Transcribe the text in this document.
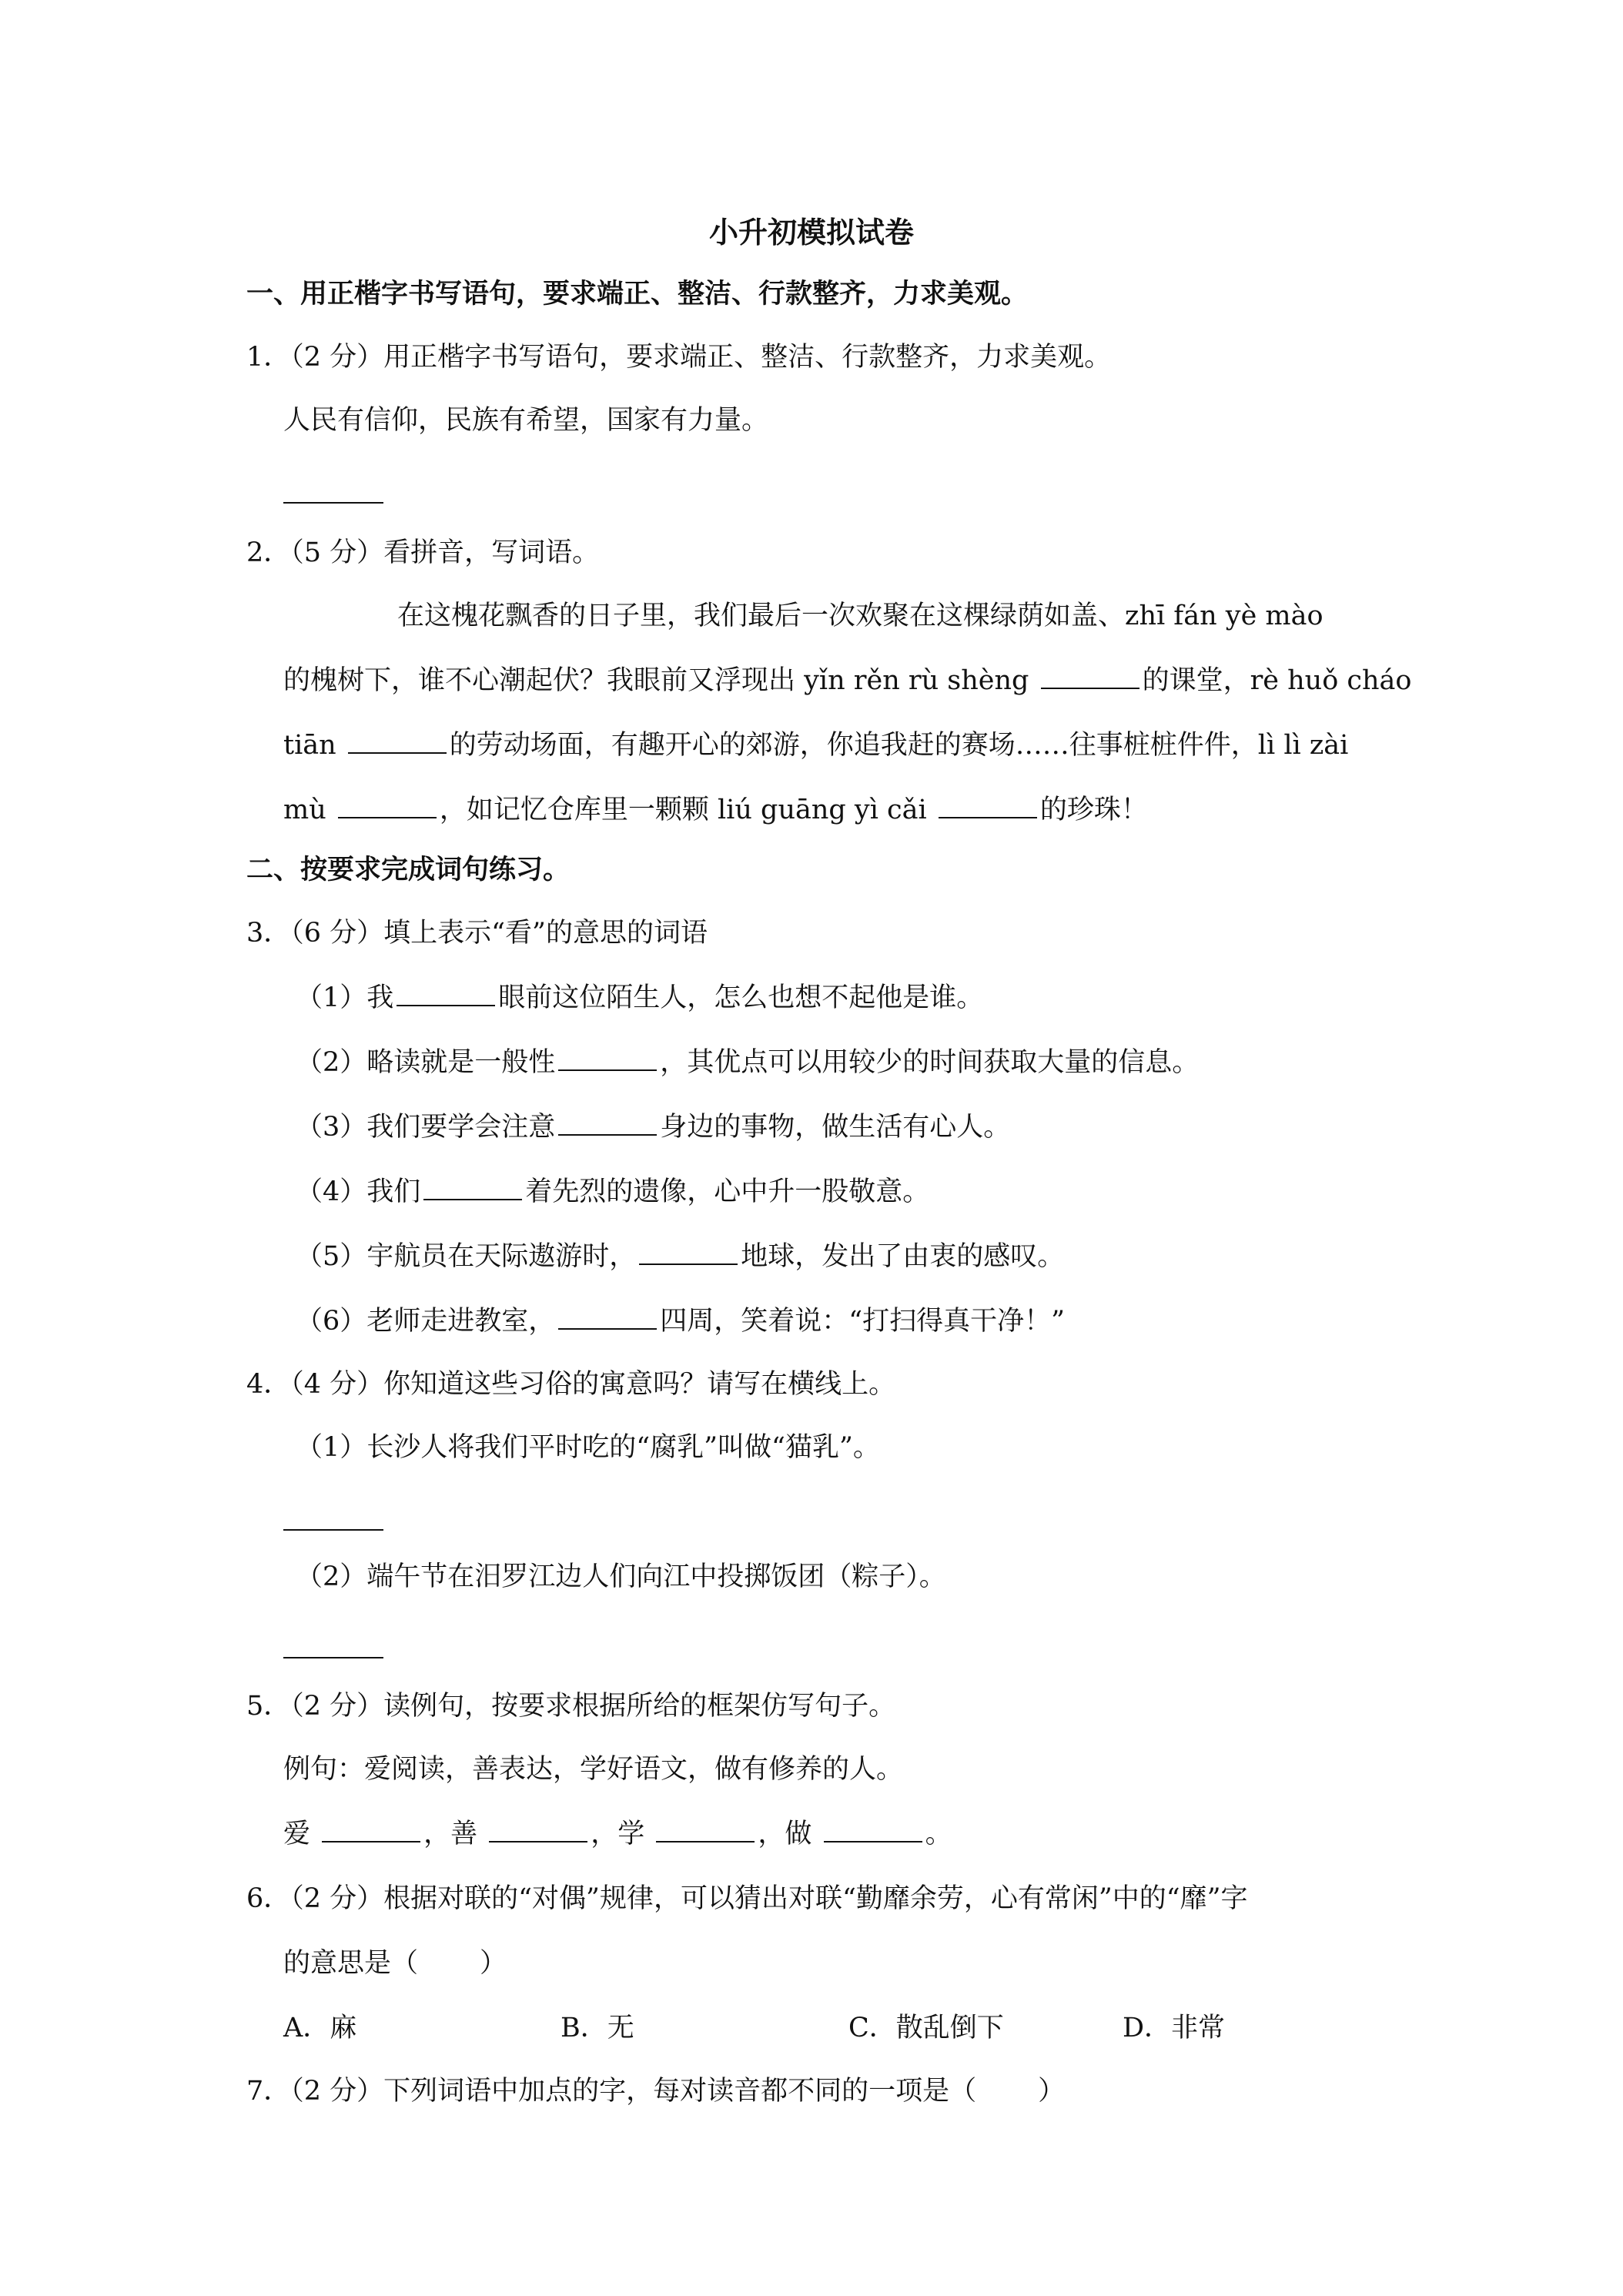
小升初模拟试卷
一、用正楷字书写语句，要求端正、整洁、行款整齐，力求美观。
1．（2 分）用正楷字书写语句，要求端正、整洁、行款整齐，力求美观。
人民有信仰，民族有希望，国家有力量。
2．（5 分）看拼音，写词语。
在这槐花飘香的日子里，我们最后一次欢聚在这棵绿荫如盖、zhī fán yè mào
的槐树下，谁不心潮起伏？我眼前又浮现出 yǐn rěn rù shèng	的课堂，rè huǒ cháo
tiān	的劳动场面，有趣开心的郊游，你追我赶的赛场……往事桩桩件件，lì lì zài
mù	，如记忆仓库里一颗颗 liú guāng yì cǎi	的珍珠！
二、按要求完成词句练习。
3．（6 分）填上表示“看”的意思的词语
（1）我	眼前这位陌生人，怎么也想不起他是谁。
（2）略读就是一般性	，其优点可以用较少的时间获取大量的信息。
（3）我们要学会注意	身边的事物，做生活有心人。
（4）我们	着先烈的遗像，心中升一股敬意。
（5）宇航员在天际遨游时，	地球，发出了由衷的感叹。
（6）老师走进教室，	四周，笑着说：“打扫得真干净！”
4．（4 分）你知道这些习俗的寓意吗？请写在横线上。
（1）长沙人将我们平时吃的“腐乳”叫做“猫乳”。
（2）端午节在汨罗江边人们向江中投掷饭团（粽子）。
5．（2 分）读例句，按要求根据所给的框架仿写句子。
例句：爱阅读，善表达，学好语文，做有修养的人。
爱	，善	，学	，做	。
6．（2 分）根据对联的“对偶”规律，可以猜出对联“勤靡余劳，心有常闲”中的“靡”字
的意思是（ ）
A．麻	B．无	C．散乱倒下	D．非常
7．（2 分）下列词语中加点的字，每对读音都不同的一项是（ ）
